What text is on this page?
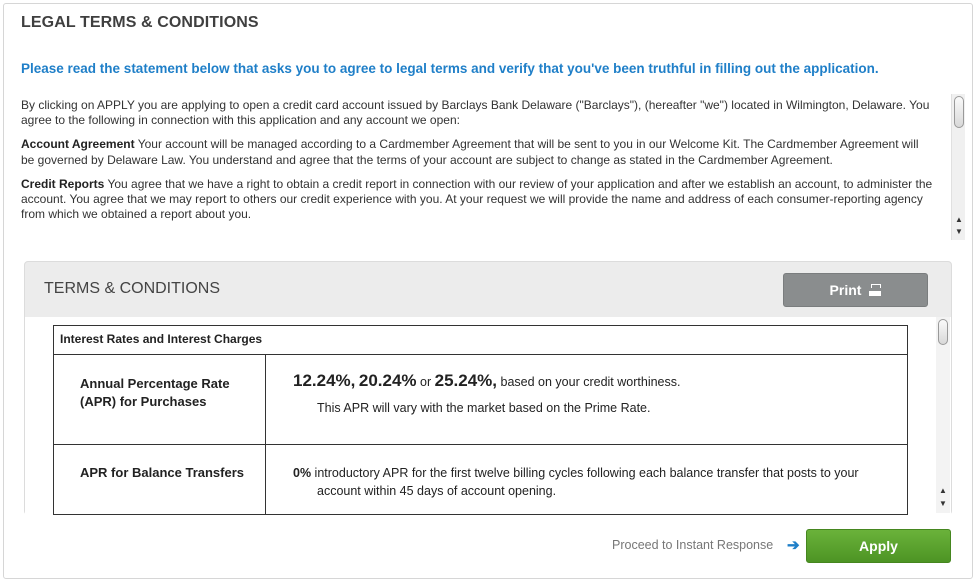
LEGAL TERMS & CONDITIONS
Please read the statement below that asks you to agree to legal terms and verify that you've been truthful in filling out the application.

By clicking on APPLY you are applying to open a credit card account issued by Barclays Bank Delaware ("Barclays"), (hereafter "we") located in Wilmington, Delaware. You agree to the following in connection with this application and any account we open:

Account Agreement Your account will be managed according to a Cardmember Agreement that will be sent to you in our Welcome Kit. The Cardmember Agreement will be governed by Delaware Law. You understand and agree that the terms of your account are subject to change as stated in the Cardmember Agreement.

Credit Reports You agree that we have a right to obtain a credit report in connection with our review of your application and after we establish an account, to administer the account. You agree that we may report to others our credit experience with you. At your request we will provide the name and address of each consumer-reporting agency from which we obtained a report about you.	▲
▼
TERMS & CONDITIONS	Print
Interest Rates and Interest Charges	
Annual Percentage Rate (APR) for Purchases	12.24%, 20.24% or 25.24%, based on your credit worthiness.
This APR will vary with the market based on the Prime Rate.

APR for Balance Transfers	0% introductory APR for the first twelve billing cycles following each balance transfer that posts to your
account within 45 days of account opening.	▲
▼
Proceed to Instant Response ➔	Apply
